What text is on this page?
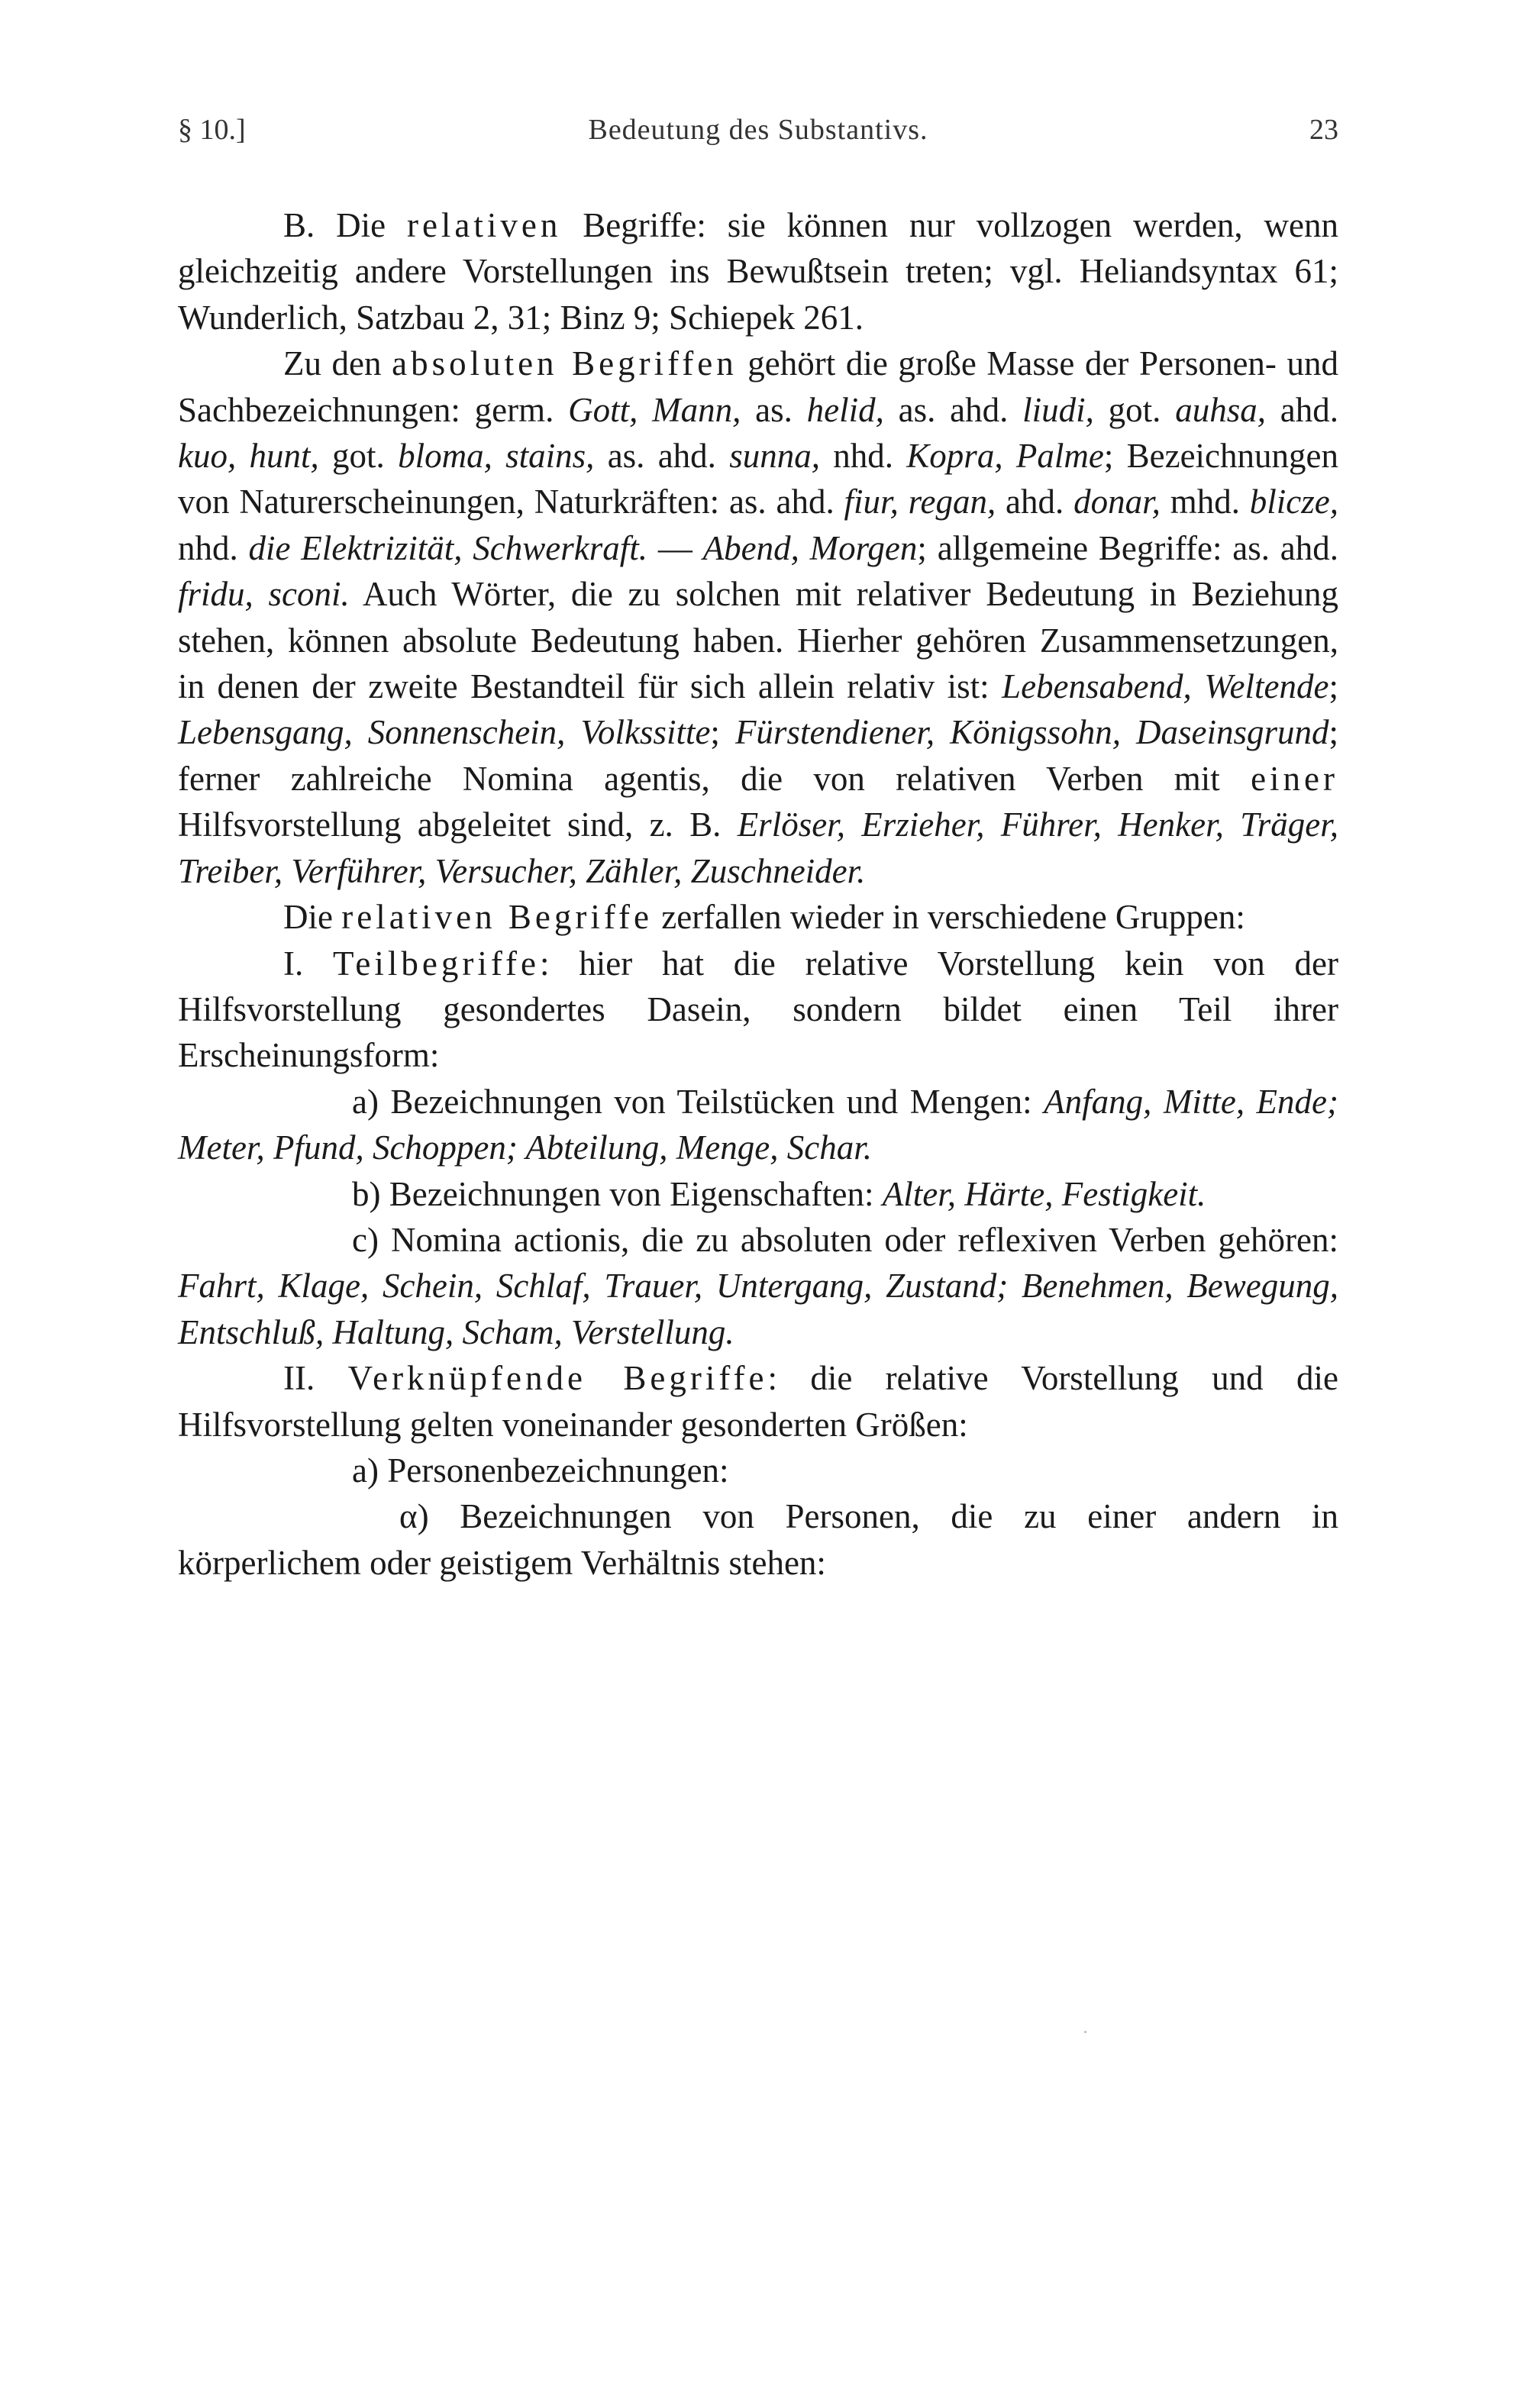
§ 10.]	Bedeutung des Substantivs.	23

B. Die relativen Begriffe: sie können nur vollzogen werden, wenn gleichzeitig andere Vorstellungen ins Bewußtsein treten; vgl. Heliandsyntax 61; Wunderlich, Satzbau 2, 31; Binz 9; Schiepek 261.

Zu den absoluten Begriffen gehört die große Masse der Personen- und Sachbezeichnungen: germ. Gott, Mann, as. helid, as. ahd. liudi, got. auhsa, ahd. kuo, hunt, got. bloma, stains, as. ahd. sunna, nhd. Kopra, Palme; Bezeichnungen von Naturerscheinungen, Naturkräften: as. ahd. fiur, regan, ahd. donar, mhd. blicze, nhd. die Elektrizität, Schwerkraft. — Abend, Morgen; allgemeine Begriffe: as. ahd. fridu, sconi. Auch Wörter, die zu solchen mit relativer Bedeutung in Beziehung stehen, können absolute Bedeutung haben. Hierher gehören Zusammensetzungen, in denen der zweite Bestandteil für sich allein relativ ist: Lebensabend, Weltende; Lebensgang, Sonnenschein, Volkssitte; Fürstendiener, Königssohn, Daseinsgrund; ferner zahlreiche Nomina agentis, die von relativen Verben mit einer Hilfsvorstellung abgeleitet sind, z. B. Erlöser, Erzieher, Führer, Henker, Träger, Treiber, Verführer, Versucher, Zähler, Zuschneider.

Die relativen Begriffe zerfallen wieder in verschiedene Gruppen:

I. Teilbegriffe: hier hat die relative Vorstellung kein von der Hilfsvorstellung gesondertes Dasein, sondern bildet einen Teil ihrer Erscheinungsform:

a) Bezeichnungen von Teilstücken und Mengen: Anfang, Mitte, Ende; Meter, Pfund, Schoppen; Abteilung, Menge, Schar.

b) Bezeichnungen von Eigenschaften: Alter, Härte, Festigkeit.

c) Nomina actionis, die zu absoluten oder reflexiven Verben gehören: Fahrt, Klage, Schein, Schlaf, Trauer, Untergang, Zustand; Benehmen, Bewegung, Entschluß, Haltung, Scham, Verstellung.

II. Verknüpfende Begriffe: die relative Vorstellung und die Hilfsvorstellung gelten voneinander gesonderten Größen:

a) Personenbezeichnungen:

α) Bezeichnungen von Personen, die zu einer andern in körperlichem oder geistigem Verhältnis stehen:
